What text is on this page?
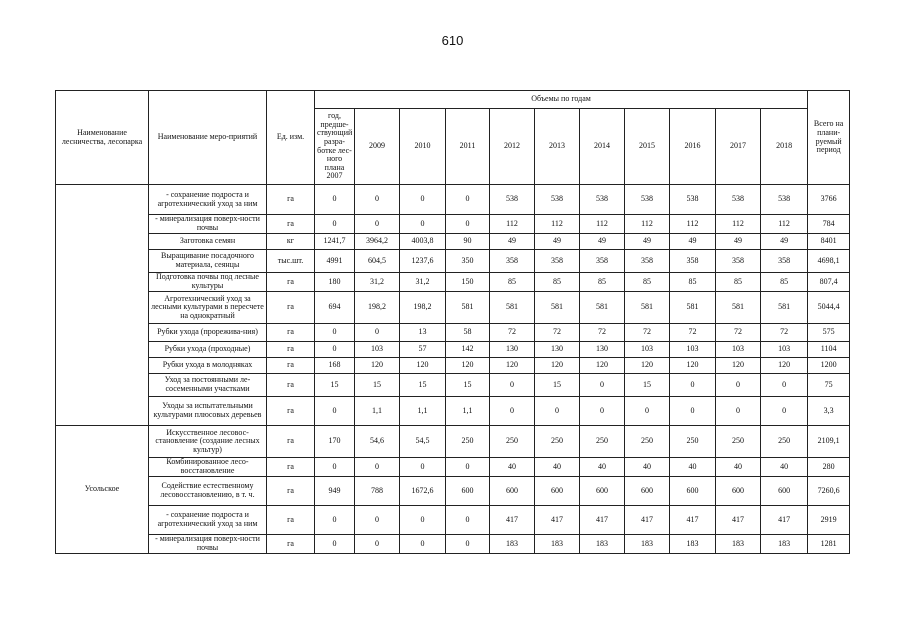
610
Наименование лесничества, лесопарка	Наименование меро-приятий	Ед. изм.	Объемы по годам											Всего на плани-руемый период
			год, предше-ствующий разра-ботке лес-ного плана 2007	2009	2010	2011	2012	2013	2014	2015	2016	2017	2018	
	- сохранение подроста и агротехнический уход за ним	га	0	0	0	0	538	538	538	538	538	538	538	3766
	- минерализация поверх-ности почвы	га	0	0	0	0	112	112	112	112	112	112	112	784
	Заготовка семян	кг	1241,7	3964,2	4003,8	90	49	49	49	49	49	49	49	8401
	Выращивание посадочного материала, сеянцы	тыс.шт.	4991	604,5	1237,6	350	358	358	358	358	358	358	358	4698,1
	Подготовка почвы под лесные культуры	га	180	31,2	31,2	150	85	85	85	85	85	85	85	807,4
	Агротехнический уход за лесными культурами в пересчете на однократный	га	694	198,2	198,2	581	581	581	581	581	581	581	581	5044,4
	Рубки ухода (прорежива-ния)	га	0	0	13	58	72	72	72	72	72	72	72	575
	Рубки ухода (проходные)	га	0	103	57	142	130	130	130	103	103	103	103	1104
	Рубки ухода в молодняках	га	168	120	120	120	120	120	120	120	120	120	120	1200
	Уход за постоянными ле-сосеменными участками	га	15	15	15	15	0	15	0	15	0	0	0	75
	Уходы за испытательными культурами плюсовых деревьев	га	0	1,1	1,1	1,1	0	0	0	0	0	0	0	3,3
Усольское	Искусственное лесовос-становление (создание лесных культур)	га	170	54,6	54,5	250	250	250	250	250	250	250	250	2109,1
	Комбинированное лесо-восстановление	га	0	0	0	0	40	40	40	40	40	40	40	280
	Содействие естественному лесовосстановлению, в т. ч.	га	949	788	1672,6	600	600	600	600	600	600	600	600	7260,6
	- сохранение подроста и агротехнический уход за ним	га	0	0	0	0	417	417	417	417	417	417	417	2919
	- минерализация поверх-ности почвы	га	0	0	0	0	183	183	183	183	183	183	183	1281
